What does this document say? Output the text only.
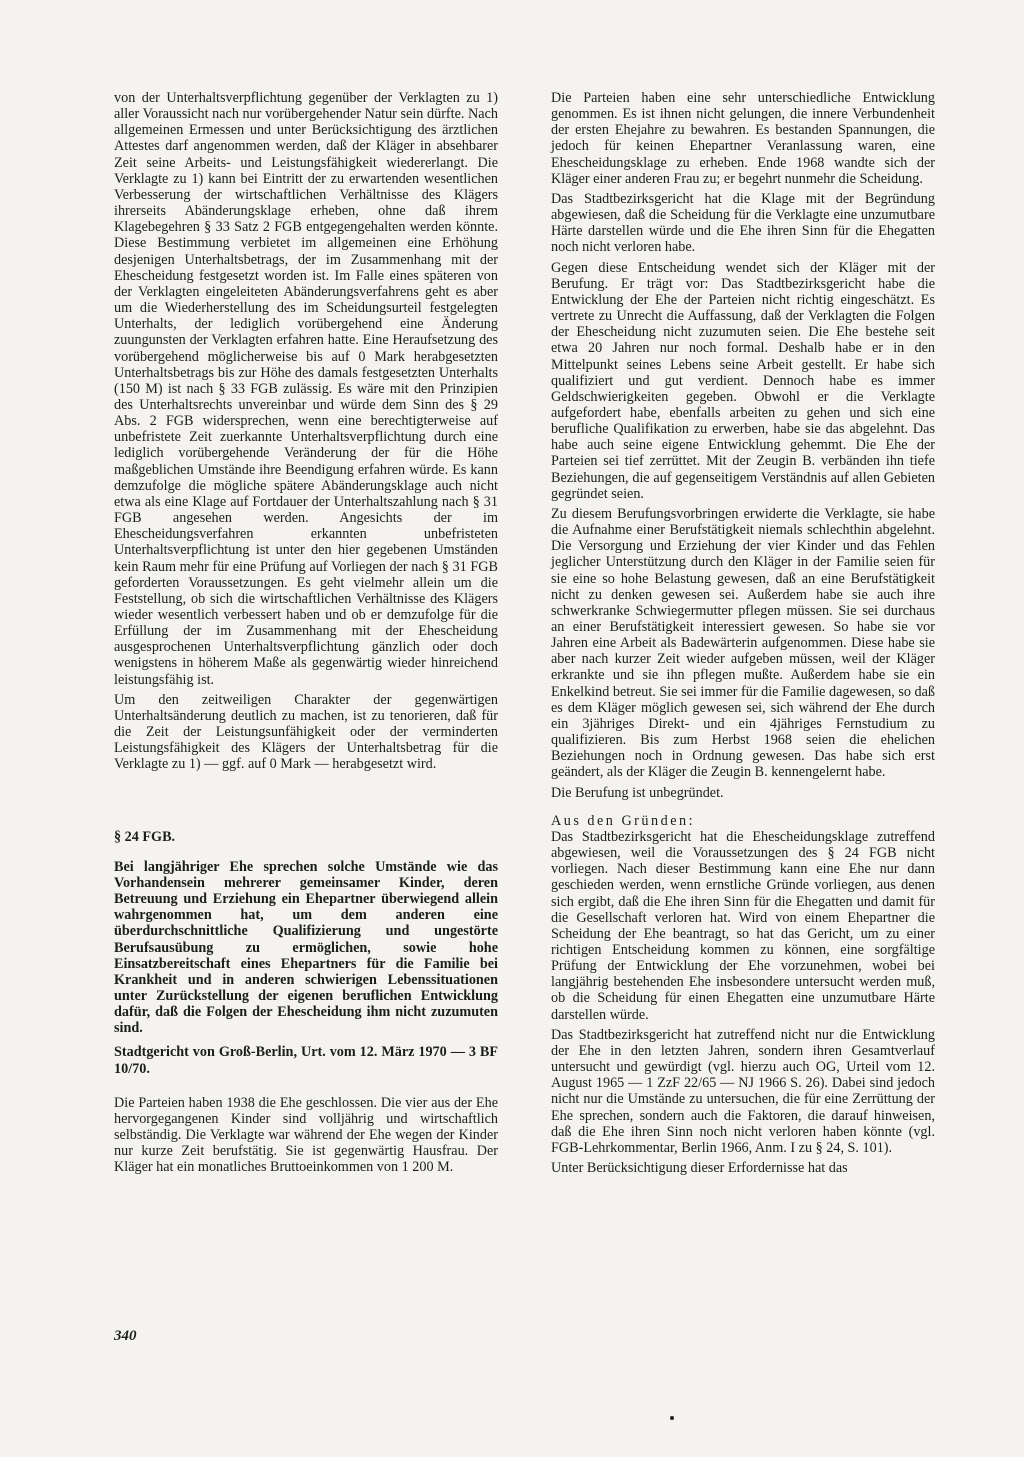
von der Unterhaltsverpflichtung gegenüber der Verklagten zu 1) aller Voraussicht nach nur vorübergehender Natur sein dürfte. Nach allgemeinen Ermessen und unter Berücksichtigung des ärztlichen Attestes darf angenommen werden, daß der Kläger in absehbarer Zeit seine Arbeits- und Leistungsfähigkeit wiedererlangt. Die Verklagte zu 1) kann bei Eintritt der zu erwartenden wesentlichen Verbesserung der wirtschaftlichen Verhältnisse des Klägers ihrerseits Abänderungsklage erheben, ohne daß ihrem Klagebegehren § 33 Satz 2 FGB entgegengehalten werden könnte. Diese Bestimmung verbietet im allgemeinen eine Erhöhung desjenigen Unterhaltsbetrags, der im Zusammenhang mit der Ehescheidung festgesetzt worden ist. Im Falle eines späteren von der Verklagten eingeleiteten Abänderungsverfahrens geht es aber um die Wiederherstellung des im Scheidungsurteil festgelegten Unterhalts, der lediglich vorübergehend eine Änderung zuungunsten der Verklagten erfahren hatte. Eine Heraufsetzung des vorübergehend möglicherweise bis auf 0 Mark herabgesetzten Unterhaltsbetrags bis zur Höhe des damals festgesetzten Unterhalts (150 M) ist nach § 33 FGB zulässig. Es wäre mit den Prinzipien des Unterhaltsrechts unvereinbar und würde dem Sinn des § 29 Abs. 2 FGB widersprechen, wenn eine berechtigterweise auf unbefristete Zeit zuerkannte Unterhaltsverpflichtung durch eine lediglich vorübergehende Veränderung der für die Höhe maßgeblichen Umstände ihre Beendigung erfahren würde. Es kann demzufolge die mögliche spätere Abänderungsklage auch nicht etwa als eine Klage auf Fortdauer der Unterhaltszahlung nach § 31 FGB angesehen werden. Angesichts der im Ehescheidungsverfahren erkannten unbefristeten Unterhaltsverpflichtung ist unter den hier gegebenen Umständen kein Raum mehr für eine Prüfung auf Vorliegen der nach § 31 FGB geforderten Voraussetzungen. Es geht vielmehr allein um die Feststellung, ob sich die wirtschaftlichen Verhältnisse des Klägers wieder wesentlich verbessert haben und ob er demzufolge für die Erfüllung der im Zusammenhang mit der Ehescheidung ausgesprochenen Unterhaltsverpflichtung gänzlich oder doch wenigstens in höherem Maße als gegenwärtig wieder hinreichend leistungsfähig ist.

Um den zeitweiligen Charakter der gegenwärtigen Unterhaltsänderung deutlich zu machen, ist zu tenorieren, daß für die Zeit der Leistungsunfähigkeit oder der verminderten Leistungsfähigkeit des Klägers der Unterhaltsbetrag für die Verklagte zu 1) — ggf. auf 0 Mark — herabgesetzt wird.

§ 24 FGB.

Bei langjähriger Ehe sprechen solche Umstände wie das Vorhandensein mehrerer gemeinsamer Kinder, deren Betreuung und Erziehung ein Ehepartner überwiegend allein wahrgenommen hat, um dem anderen eine überdurchschnittliche Qualifizierung und ungestörte Berufsausübung zu ermöglichen, sowie hohe Einsatzbereitschaft eines Ehepartners für die Familie bei Krankheit und in anderen schwierigen Lebenssituationen unter Zurückstellung der eigenen beruflichen Entwicklung dafür, daß die Folgen der Ehescheidung ihm nicht zuzumuten sind.

Stadtgericht von Groß-Berlin, Urt. vom 12. März 1970 — 3 BF 10/70.

Die Parteien haben 1938 die Ehe geschlossen. Die vier aus der Ehe hervorgegangenen Kinder sind volljährig und wirtschaftlich selbständig. Die Verklagte war während der Ehe wegen der Kinder nur kurze Zeit berufstätig. Sie ist gegenwärtig Hausfrau. Der Kläger hat ein monatliches Bruttoeinkommen von 1 200 M.

Die Parteien haben eine sehr unterschiedliche Entwicklung genommen. Es ist ihnen nicht gelungen, die innere Verbundenheit der ersten Ehejahre zu bewahren. Es bestanden Spannungen, die jedoch für keinen Ehepartner Veranlassung waren, eine Ehescheidungsklage zu erheben. Ende 1968 wandte sich der Kläger einer anderen Frau zu; er begehrt nunmehr die Scheidung.

Das Stadtbezirksgericht hat die Klage mit der Begründung abgewiesen, daß die Scheidung für die Verklagte eine unzumutbare Härte darstellen würde und die Ehe ihren Sinn für die Ehegatten noch nicht verloren habe.

Gegen diese Entscheidung wendet sich der Kläger mit der Berufung. Er trägt vor: Das Stadtbezirksgericht habe die Entwicklung der Ehe der Parteien nicht richtig eingeschätzt. Es vertrete zu Unrecht die Auffassung, daß der Verklagten die Folgen der Ehescheidung nicht zuzumuten seien. Die Ehe bestehe seit etwa 20 Jahren nur noch formal. Deshalb habe er in den Mittelpunkt seines Lebens seine Arbeit gestellt. Er habe sich qualifiziert und gut verdient. Dennoch habe es immer Geldschwierigkeiten gegeben. Obwohl er die Verklagte aufgefordert habe, ebenfalls arbeiten zu gehen und sich eine berufliche Qualifikation zu erwerben, habe sie das abgelehnt. Das habe auch seine eigene Entwicklung gehemmt. Die Ehe der Parteien sei tief zerrüttet. Mit der Zeugin B. verbänden ihn tiefe Beziehungen, die auf gegenseitigem Verständnis auf allen Gebieten gegründet seien.

Zu diesem Berufungsvorbringen erwiderte die Verklagte, sie habe die Aufnahme einer Berufstätigkeit niemals schlechthin abgelehnt. Die Versorgung und Erziehung der vier Kinder und das Fehlen jeglicher Unterstützung durch den Kläger in der Familie seien für sie eine so hohe Belastung gewesen, daß an eine Berufstätigkeit nicht zu denken gewesen sei. Außerdem habe sie auch ihre schwerkranke Schwiegermutter pflegen müssen. Sie sei durchaus an einer Berufstätigkeit interessiert gewesen. So habe sie vor Jahren eine Arbeit als Badewärterin aufgenommen. Diese habe sie aber nach kurzer Zeit wieder aufgeben müssen, weil der Kläger erkrankte und sie ihn pflegen mußte. Außerdem habe sie ein Enkelkind betreut. Sie sei immer für die Familie dagewesen, so daß es dem Kläger möglich gewesen sei, sich während der Ehe durch ein 3jähriges Direkt- und ein 4jähriges Fernstudium zu qualifizieren. Bis zum Herbst 1968 seien die ehelichen Beziehungen noch in Ordnung gewesen. Das habe sich erst geändert, als der Kläger die Zeugin B. kennengelernt habe.

Die Berufung ist unbegründet.

Aus den Gründen:

Das Stadtbezirksgericht hat die Ehescheidungsklage zutreffend abgewiesen, weil die Voraussetzungen des § 24 FGB nicht vorliegen. Nach dieser Bestimmung kann eine Ehe nur dann geschieden werden, wenn ernstliche Gründe vorliegen, aus denen sich ergibt, daß die Ehe ihren Sinn für die Ehegatten und damit für die Gesellschaft verloren hat. Wird von einem Ehepartner die Scheidung der Ehe beantragt, so hat das Gericht, um zu einer richtigen Entscheidung kommen zu können, eine sorgfältige Prüfung der Entwicklung der Ehe vorzunehmen, wobei bei langjährig bestehenden Ehe insbesondere untersucht werden muß, ob die Scheidung für einen Ehegatten eine unzumutbare Härte darstellen würde.

Das Stadtbezirksgericht hat zutreffend nicht nur die Entwicklung der Ehe in den letzten Jahren, sondern ihren Gesamtverlauf untersucht und gewürdigt (vgl. hierzu auch OG, Urteil vom 12. August 1965 — 1 ZzF 22/65 — NJ 1966 S. 26). Dabei sind jedoch nicht nur die Umstände zu untersuchen, die für eine Zerrüttung der Ehe sprechen, sondern auch die Faktoren, die darauf hinweisen, daß die Ehe ihren Sinn noch nicht verloren haben könnte (vgl. FGB-Lehrkommentar, Berlin 1966, Anm. I zu § 24, S. 101).

Unter Berücksichtigung dieser Erfordernisse hat das

340
